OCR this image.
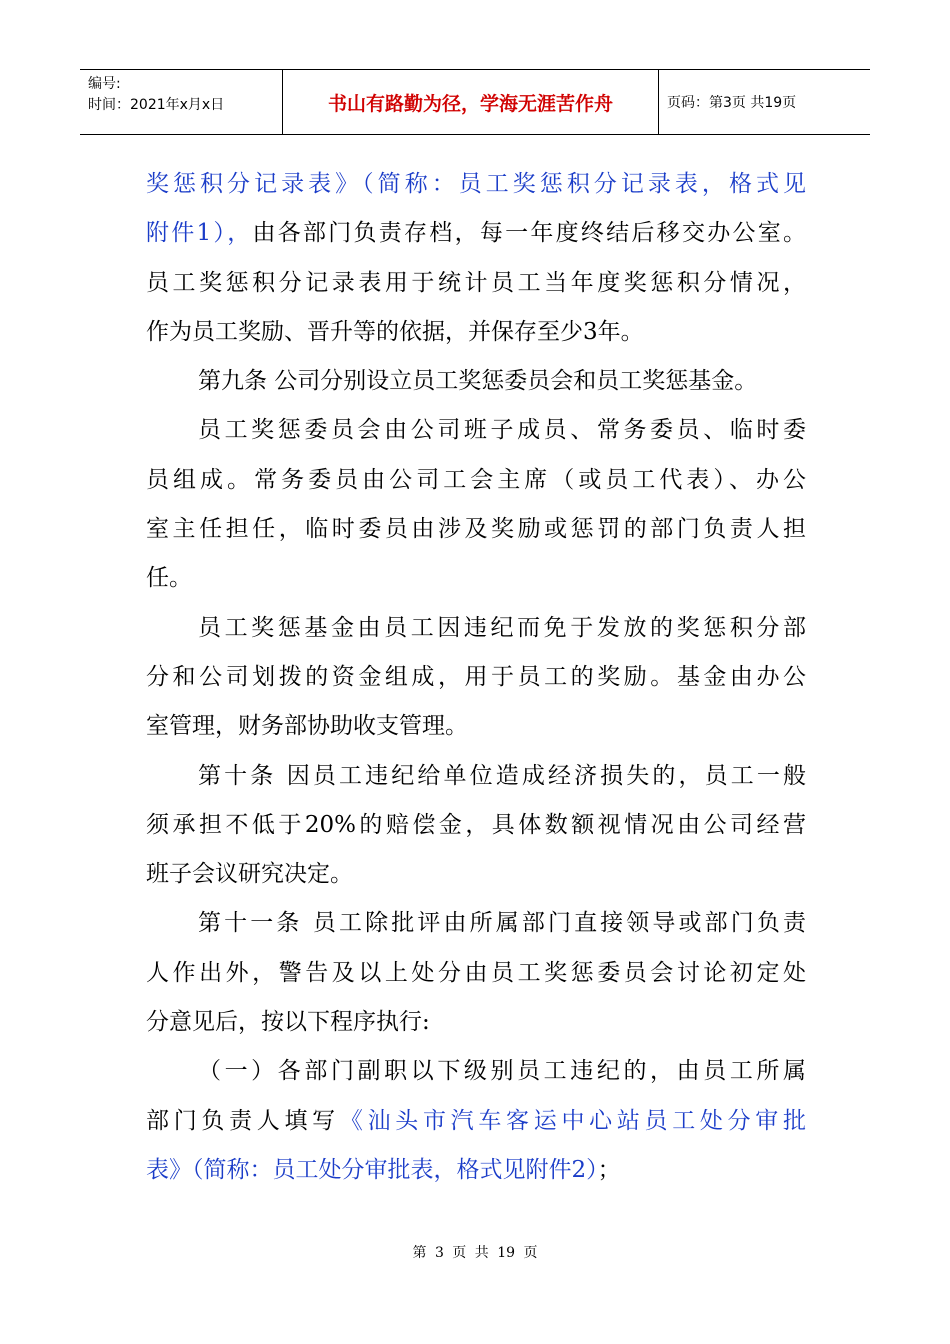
编号:
时间：2021年x月x日	书山有路勤为径，学海无涯苦作舟	页码：第3页 共19页
奖惩积分记录表》（简称：员工奖惩积分记录表，格式见
附件1），由各部门负责存档，每一年度终结后移交办公室。
员工奖惩积分记录表用于统计员工当年度奖惩积分情况，
作为员工奖励、晋升等的依据，并保存至少3年。
第九条 公司分别设立员工奖惩委员会和员工奖惩基金。
员工奖惩委员会由公司班子成员、常务委员、临时委
员组成。常务委员由公司工会主席（或员工代表）、办公
室主任担任，临时委员由涉及奖励或惩罚的部门负责人担
任。
员工奖惩基金由员工因违纪而免于发放的奖惩积分部
分和公司划拨的资金组成，用于员工的奖励。基金由办公
室管理，财务部协助收支管理。
第十条 因员工违纪给单位造成经济损失的，员工一般
须承担不低于20%的赔偿金，具体数额视情况由公司经营
班子会议研究决定。
第十一条 员工除批评由所属部门直接领导或部门负责
人作出外，警告及以上处分由员工奖惩委员会讨论初定处
分意见后，按以下程序执行:
（一）各部门副职以下级别员工违纪的，由员工所属
部门负责人填写《汕头市汽车客运中心站员工处分审批
表》（简称：员工处分审批表，格式见附件2）；
第 3 页 共 19 页
